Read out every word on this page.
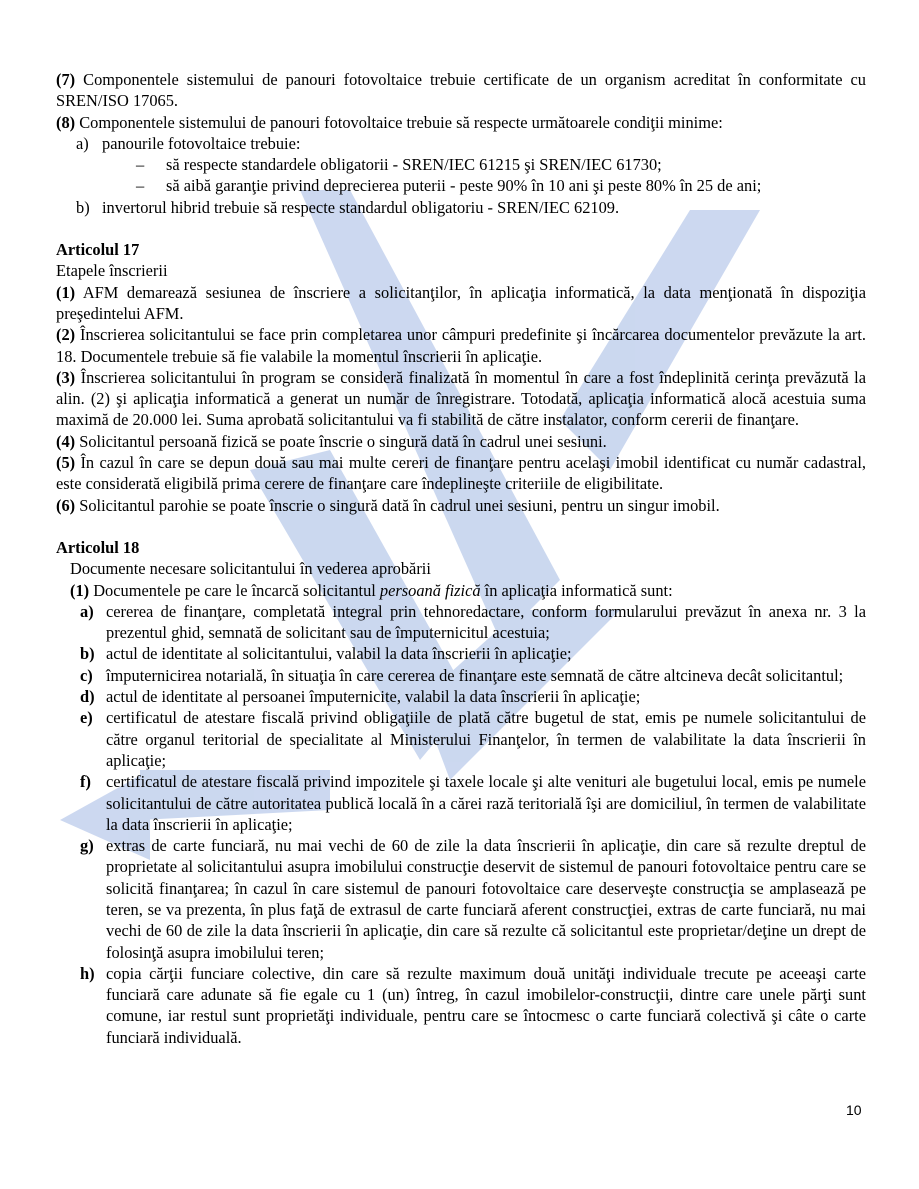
(7) Componentele sistemului de panouri fotovoltaice trebuie certificate de un organism acreditat în conformitate cu SREN/ISO 17065.

(8) Componentele sistemului de panouri fotovoltaice trebuie să respecte următoarele condiţii minime:

a) panourile fotovoltaice trebuie:
–	să respecte standardele obligatorii - SREN/IEC 61215 şi SREN/IEC 61730;
–	să aibă garanţie privind deprecierea puterii - peste 90% în 10 ani şi peste 80% în 25 de ani;
b) invertorul hibrid trebuie să respecte standardul obligatoriu - SREN/IEC 62109.

Articolul 17

Etapele înscrierii

(1) AFM demarează sesiunea de înscriere a solicitanţilor, în aplicaţia informatică, la data menţionată în dispoziţia preşedintelui AFM.

(2) Înscrierea solicitantului se face prin completarea unor câmpuri predefinite şi încărcarea documentelor prevăzute la art. 18. Documentele trebuie să fie valabile la momentul înscrierii în aplicaţie.

(3) Înscrierea solicitantului în program se consideră finalizată în momentul în care a fost îndeplinită cerinţa prevăzută la alin. (2) şi aplicaţia informatică a generat un număr de înregistrare. Totodată, aplicaţia informatică alocă acestuia suma maximă de 20.000 lei. Suma aprobată solicitantului va fi stabilită de către instalator, conform cererii de finanţare.

(4) Solicitantul persoană fizică se poate înscrie o singură dată în cadrul unei sesiuni.

(5) În cazul în care se depun două sau mai multe cereri de finanţare pentru acelaşi imobil identificat cu număr cadastral, este considerată eligibilă prima cerere de finanţare care îndeplineşte criteriile de eligibilitate.

(6) Solicitantul parohie se poate înscrie o singură dată în cadrul unei sesiuni, pentru un singur imobil.

Articolul 18

Documente necesare solicitantului în vederea aprobării

(1) Documentele pe care le încarcă solicitantul persoană fizică în aplicaţia informatică sunt:

a) cererea de finanţare, completată integral prin tehnoredactare, conform formularului prevăzut în anexa nr. 3 la prezentul ghid, semnată de solicitant sau de împuternicitul acestuia;
b) actul de identitate al solicitantului, valabil la data înscrierii în aplicaţie;
c) împuternicirea notarială, în situaţia în care cererea de finanţare este semnată de către altcineva decât solicitantul;
d) actul de identitate al persoanei împuternicite, valabil la data înscrierii în aplicaţie;
e) certificatul de atestare fiscală privind obligaţiile de plată către bugetul de stat, emis pe numele solicitantului de către organul teritorial de specialitate al Ministerului Finanţelor, în termen de valabilitate la data înscrierii în aplicaţie;
f) certificatul de atestare fiscală privind impozitele şi taxele locale şi alte venituri ale bugetului local, emis pe numele solicitantului de către autoritatea publică locală în a cărei rază teritorială îşi are domiciliul, în termen de valabilitate la data înscrierii în aplicaţie;
g) extras de carte funciară, nu mai vechi de 60 de zile la data înscrierii în aplicaţie, din care să rezulte dreptul de proprietate al solicitantului asupra imobilului construcţie deservit de sistemul de panouri fotovoltaice pentru care se solicită finanţarea; în cazul în care sistemul de panouri fotovoltaice care deserveşte construcţia se amplasează pe teren, se va prezenta, în plus faţă de extrasul de carte funciară aferent construcţiei, extras de carte funciară, nu mai vechi de 60 de zile la data înscrierii în aplicaţie, din care să rezulte că solicitantul este proprietar/deţine un drept de folosinţă asupra imobilului teren;
h) copia cărţii funciare colective, din care să rezulte maximum două unităţi individuale trecute pe aceeaşi carte funciară care adunate să fie egale cu 1 (un) întreg, în cazul imobilelor-construcţii, dintre care unele părţi sunt comune, iar restul sunt proprietăţi individuale, pentru care se întocmesc o carte funciară colectivă şi câte o carte funciară individuală.
10
